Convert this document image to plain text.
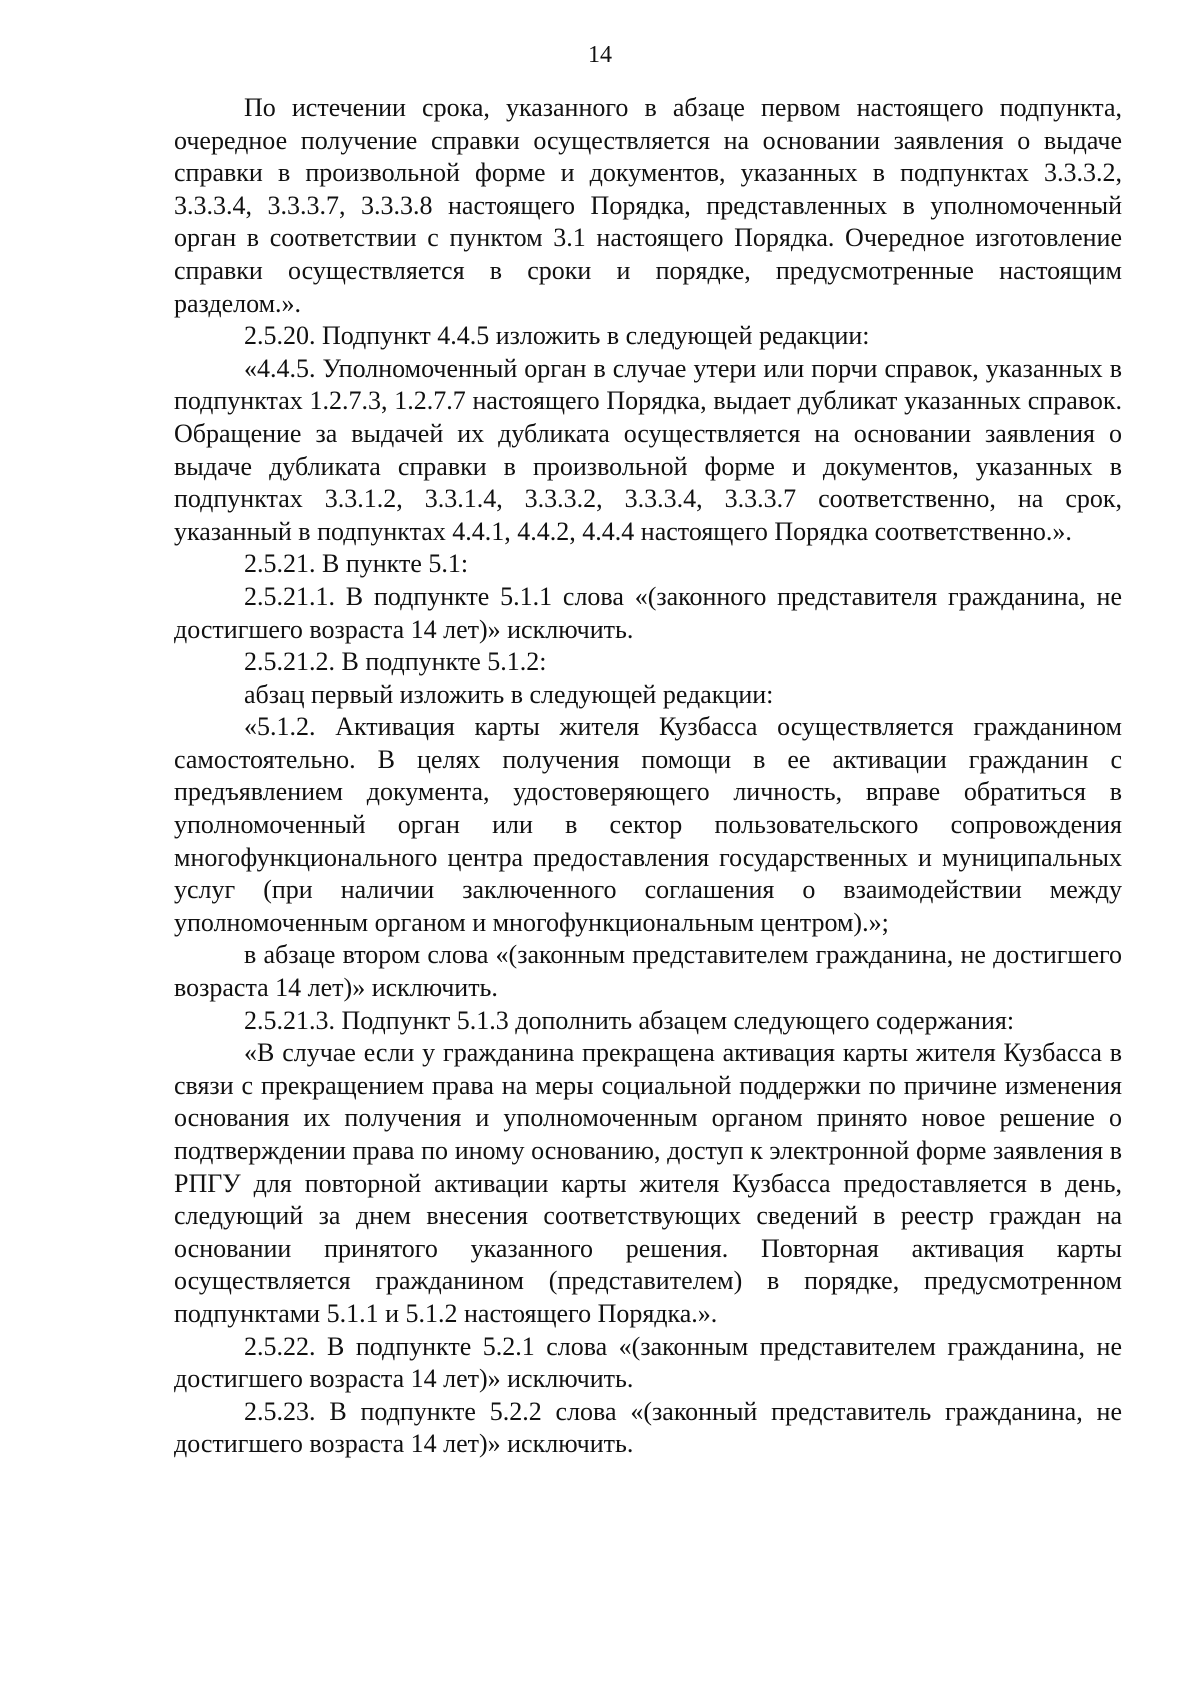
14

По истечении срока, указанного в абзаце первом настоящего подпункта, очередное получение справки осуществляется на основании заявления о выдаче справки в произвольной форме и документов, указанных в подпунктах 3.3.3.2, 3.3.3.4, 3.3.3.7, 3.3.3.8 настоящего Порядка, представленных в уполномоченный орган в соответствии с пунктом 3.1 настоящего Порядка. Очередное изготовление справки осуществляется в сроки и порядке, предусмотренные настоящим разделом.».

2.5.20. Подпункт 4.4.5 изложить в следующей редакции:

«4.4.5. Уполномоченный орган в случае утери или порчи справок, указанных в подпунктах 1.2.7.3, 1.2.7.7 настоящего Порядка, выдает дубликат указанных справок. Обращение за выдачей их дубликата осуществляется на основании заявления о выдаче дубликата справки в произвольной форме и документов, указанных в подпунктах 3.3.1.2, 3.3.1.4, 3.3.3.2, 3.3.3.4, 3.3.3.7 соответственно, на срок, указанный в подпунктах 4.4.1, 4.4.2, 4.4.4 настоящего Порядка соответственно.».

2.5.21. В пункте 5.1:

2.5.21.1. В подпункте 5.1.1 слова «(законного представителя гражданина, не достигшего возраста 14 лет)» исключить.

2.5.21.2. В подпункте 5.1.2:

абзац первый изложить в следующей редакции:

«5.1.2. Активация карты жителя Кузбасса осуществляется гражданином самостоятельно. В целях получения помощи в ее активации гражданин с предъявлением документа, удостоверяющего личность, вправе обратиться в уполномоченный орган или в сектор пользовательского сопровождения многофункционального центра предоставления государственных и муниципальных услуг (при наличии заключенного соглашения о взаимодействии между уполномоченным органом и многофункциональным центром).»;

в абзаце втором слова «(законным представителем гражданина, не достигшего возраста 14 лет)» исключить.

2.5.21.3. Подпункт 5.1.3 дополнить абзацем следующего содержания:

«В случае если у гражданина прекращена активация карты жителя Кузбасса в связи с прекращением права на меры социальной поддержки по причине изменения основания их получения и уполномоченным органом принято новое решение о подтверждении права по иному основанию, доступ к электронной форме заявления в РПГУ для повторной активации карты жителя Кузбасса предоставляется в день, следующий за днем внесения соответствующих сведений в реестр граждан на основании принятого указанного решения. Повторная активация карты осуществляется гражданином (представителем) в порядке, предусмотренном подпунктами 5.1.1 и 5.1.2 настоящего Порядка.».

2.5.22. В подпункте 5.2.1 слова «(законным представителем гражданина, не достигшего возраста 14 лет)» исключить.

2.5.23. В подпункте 5.2.2 слова «(законный представитель гражданина, не достигшего возраста 14 лет)» исключить.
